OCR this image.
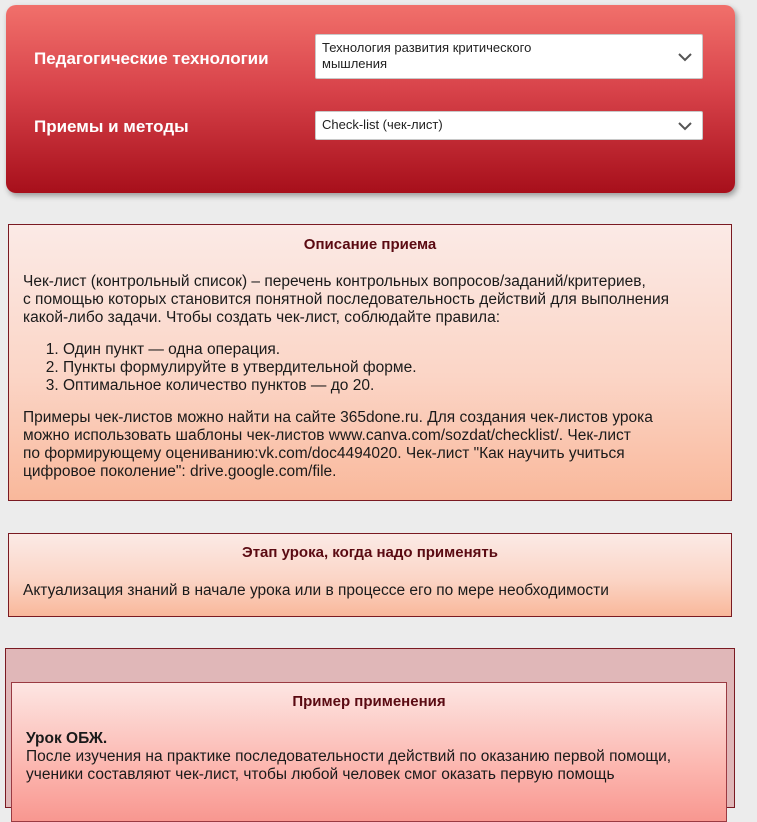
Педагогические технологии
Технология развития критического
мышления
Приемы и методы	Check-list (чек-лист)
Описание приема
Чек-лист (контрольный список) – перечень контрольных вопросов/заданий/критериев,
с помощью которых становится понятной последовательность действий для выполнения
какой-либо задачи. Чтобы создать чек-лист, соблюдайте правила:
1. Один пункт — одна операция.
2. Пункты формулируйте в утвердительной форме.
3. Оптимальное количество пунктов — до 20.
Примеры чек-листов можно найти на сайте 365done.ru. Для создания чек-листов урока
можно использовать шаблоны чек-листов www.canva.com/sozdat/checklist/. Чек-лист
по формирующему оцениванию:vk.com/doc4494020. Чек-лист "Как научить учиться
цифровое поколение": drive.google.com/file.
Этап урока, когда надо применять
Актуализация знаний в начале урока или в процессе его по мере необходимости
Пример применения
Урок ОБЖ.
После изучения на практике последовательности действий по оказанию первой помощи,
ученики составляют чек-лист, чтобы любой человек смог оказать первую помощь
